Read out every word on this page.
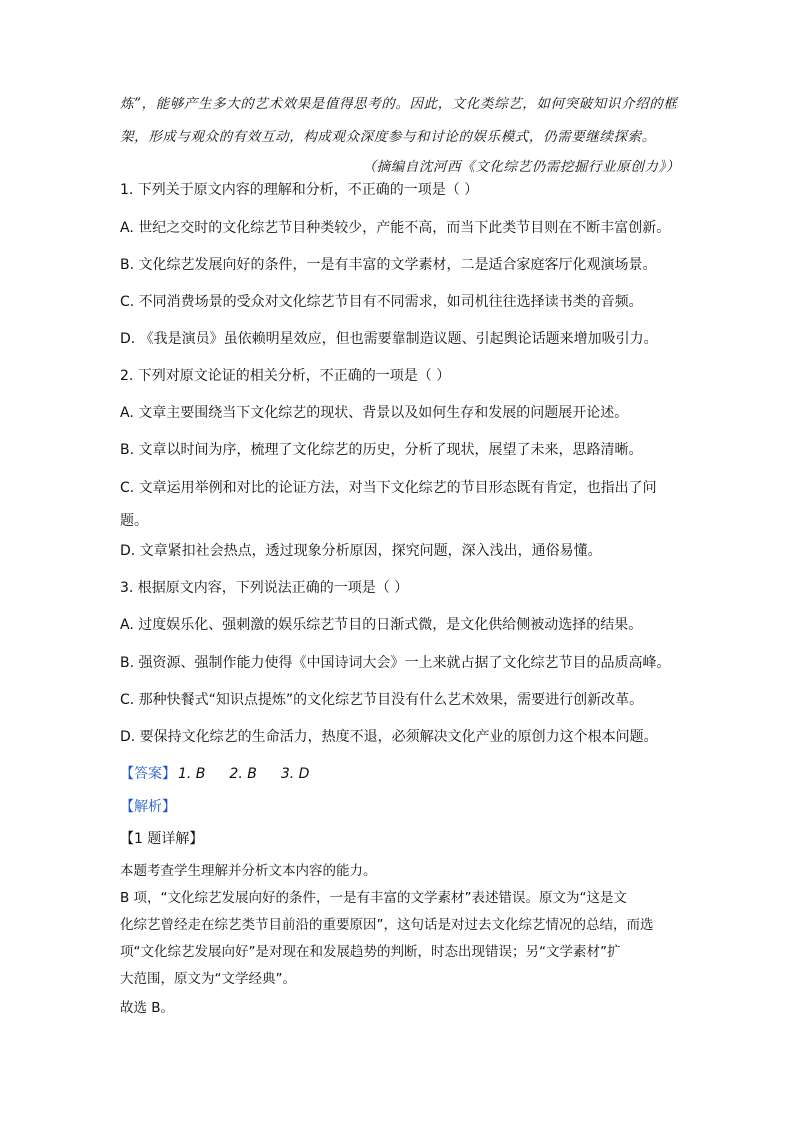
炼”，能够产生多大的艺术效果是值得思考的。因此，文化类综艺，如何突破知识介绍的框
架，形成与观众的有效互动，构成观众深度参与和讨论的娱乐模式，仍需要继续探索。
（摘编自沈河西《文化综艺仍需挖掘行业原创力》）
1. 下列关于原文内容的理解和分析，不正确的一项是（ ）
A. 世纪之交时的文化综艺节目种类较少，产能不高，而当下此类节目则在不断丰富创新。
B. 文化综艺发展向好的条件，一是有丰富的文学素材，二是适合家庭客厅化观演场景。
C. 不同消费场景的受众对文化综艺节目有不同需求，如司机往往选择读书类的音频。
D. 《我是演员》虽依赖明星效应，但也需要靠制造议题、引起舆论话题来增加吸引力。
2. 下列对原文论证的相关分析，不正确的一项是（ ）
A. 文章主要围绕当下文化综艺的现状、背景以及如何生存和发展的问题展开论述。
B. 文章以时间为序，梳理了文化综艺的历史，分析了现状，展望了未来，思路清晰。
C. 文章运用举例和对比的论证方法，对当下文化综艺的节目形态既有肯定，也指出了问
题。
D. 文章紧扣社会热点，透过现象分析原因，探究问题，深入浅出，通俗易懂。
3. 根据原文内容，下列说法正确的一项是（ ）
A. 过度娱乐化、强刺激的娱乐综艺节目的日渐式微，是文化供给侧被动选择的结果。
B. 强资源、强制作能力使得《中国诗词大会》一上来就占据了文化综艺节目的品质高峰。
C. 那种快餐式“知识点提炼”的文化综艺节目没有什么艺术效果，需要进行创新改革。
D. 要保持文化综艺的生命活力，热度不退，必须解决文化产业的原创力这个根本问题。
【答案】 1. B 2. B 3. D
【解析】
【1 题详解】
本题考查学生理解并分析文本内容的能力。
B 项，“文化综艺发展向好的条件，一是有丰富的文学素材”表述错误。原文为“这是文
化综艺曾经走在综艺类节目前沿的重要原因”，这句话是对过去文化综艺情况的总结，而选
项“文化综艺发展向好”是对现在和发展趋势的判断，时态出现错误；另“文学素材”扩
大范围，原文为“文学经典”。
故选 B。
